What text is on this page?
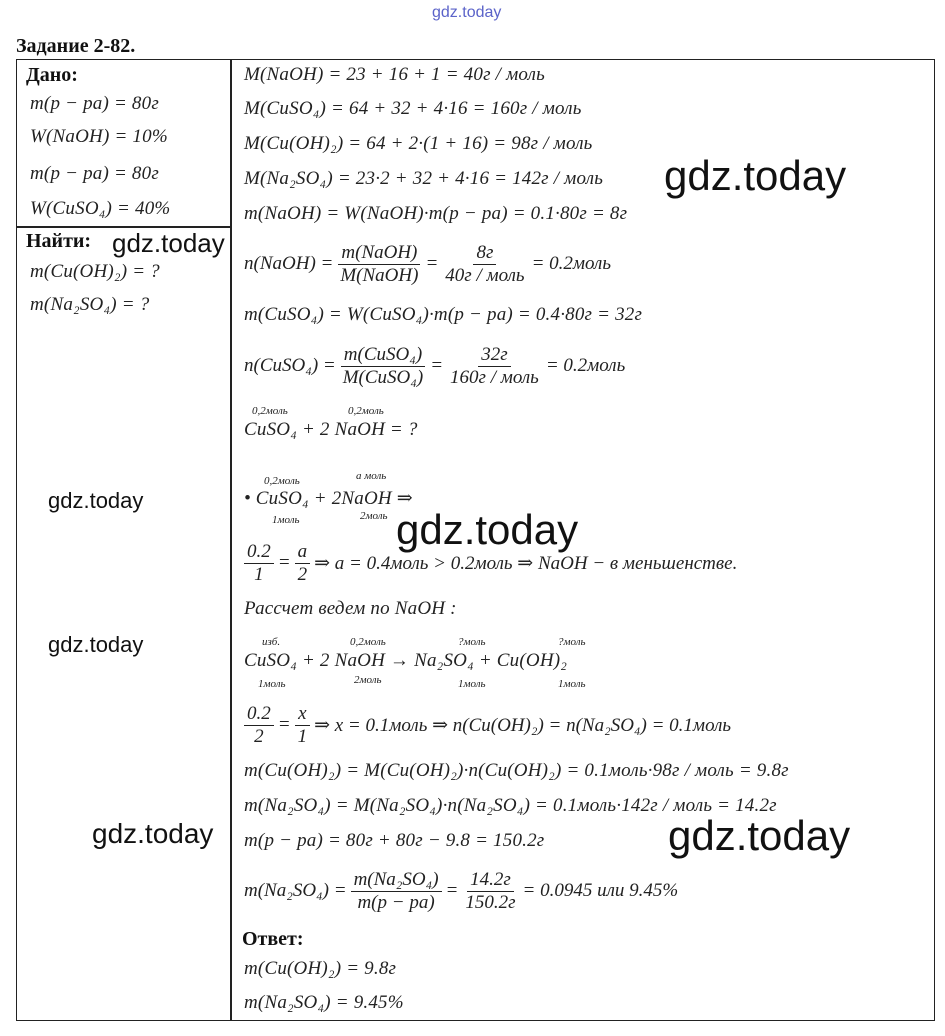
gdz.today
Задание 2-82.
Дано:
m(p − pa) = 80г
W(NaOH) = 10%
m(p − pa) = 80г
W(CuSO₄) = 40%
Найти:
m(Cu(OH)₂) = ?
m(Na₂SO₄) = ?
M(NaOH) = 23 + 16 + 1 = 40г / моль
M(CuSO₄) = 64 + 32 + 4·16 = 160г / моль
M(Cu(OH)₂) = 64 + 2·(1 + 16) = 98г / моль
M(Na₂SO₄) = 23·2 + 32 + 4·16 = 142г / моль
m(NaOH) = W(NaOH)·m(p − pa) = 0.1·80г = 8г
n(NaOH) = $\frac{\text{m(NaOH)}}{\text{M(NaOH)}} = \frac{8г}{\text{40г / моль}}$ = 0.2моль
m(CuSO₄) = W(CuSO₄)·m(p − pa) = 0.4·80г = 32г
n(CuSO₄) = $\frac{\text{m(CuSO₄)}}{\text{M(CuSO₄)}} = \frac{32г}{\text{160г / моль}}$ = 0.2моль
0,2моль	0,2моль
CuSO₄ + 2 NaOH = ?
0,2моль	а моль
• CuSO₄ + 2NaOH ⇒
1моль	2моль
$\frac{0.2}{1} = \frac{a}{2}$ ⇒ a = 0.4моль > 0.2моль ⇒ NaOH − в меньшенстве.
Рассчет ведем по NaOH :
изб.	0,2моль	?моль	?моль
CuSO₄ + 2 NaOH → Na₂SO₄ + Cu(OH)₂
1моль	2моль	1моль	1моль
$\frac{0.2}{2} = \frac{x}{1}$ ⇒ x = 0.1моль ⇒ n(Cu(OH)₂) = n(Na₂SO₄) = 0.1моль
m(Cu(OH)₂) = M(Cu(OH)₂)·n(Cu(OH)₂) = 0.1моль·98г / моль = 9.8г
m(Na₂SO₄) = M(Na₂SO₄)·n(Na₂SO₄) = 0.1моль·142г / моль = 14.2г
m(p − pa) = 80г + 80г − 9.8 = 150.2г
$m(Na_2SO_4) = \frac{\text{m(Na₂SO₄)}}{m(p - pa)} = \frac{14.2г}{150.2г} = 0.0945$ или 9.45%
Ответ:
m(Cu(OH)₂) = 9.8г
m(Na₂SO₄) = 9.45%
gdz.today
gdz.today
gdz.today
gdz.today
gdz.today
gdz.today	gdz.today
